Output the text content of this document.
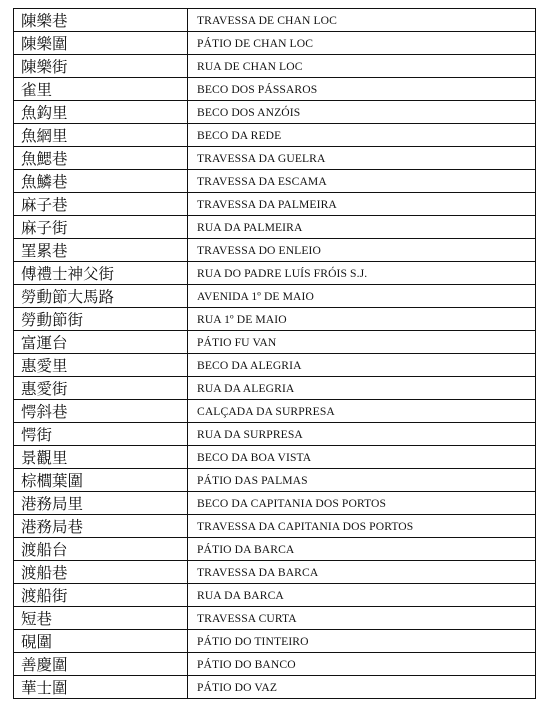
陳樂巷	TRAVESSA DE CHAN LOC
陳樂圍	PÁTIO DE CHAN LOC
陳樂街	RUA DE CHAN LOC
雀里	BECO DOS PÁSSAROS
魚鈎里	BECO DOS ANZÓIS
魚網里	BECO DA REDE
魚鰓巷	TRAVESSA DA GUELRA
魚鱗巷	TRAVESSA DA ESCAMA
麻子巷	TRAVESSA DA PALMEIRA
麻子街	RUA DA PALMEIRA
罣累巷	TRAVESSA DO ENLEIO
傅禮士神父街	RUA DO PADRE LUÍS FRÓIS S.J.
勞動節大馬路	AVENIDA 1º DE MAIO
勞動節街	RUA 1º DE MAIO
富運台	PÁTIO FU VAN
惠愛里	BECO DA ALEGRIA
惠愛街	RUA DA ALEGRIA
愕斜巷	CALÇADA DA SURPRESA
愕街	RUA DA SURPRESA
景觀里	BECO DA BOA VISTA
棕櫚葉圍	PÁTIO DAS PALMAS
港務局里	BECO DA CAPITANIA DOS PORTOS
港務局巷	TRAVESSA DA CAPITANIA DOS PORTOS
渡船台	PÁTIO DA BARCA
渡船巷	TRAVESSA DA BARCA
渡船街	RUA DA BARCA
短巷	TRAVESSA CURTA
硯圍	PÁTIO DO TINTEIRO
善慶圍	PÁTIO DO BANCO
華士圍	PÁTIO DO VAZ
